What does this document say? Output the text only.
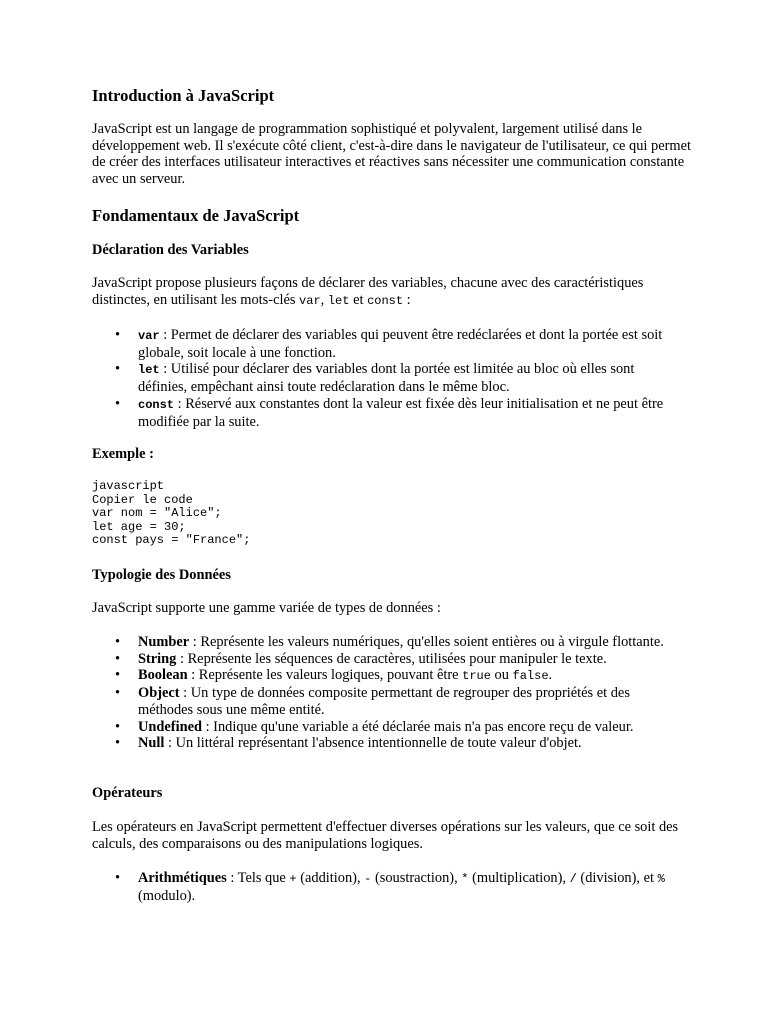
Introduction à JavaScript

JavaScript est un langage de programmation sophistiqué et polyvalent, largement utilisé dans le développement web. Il s'exécute côté client, c'est-à-dire dans le navigateur de l'utilisateur, ce qui permet de créer des interfaces utilisateur interactives et réactives sans nécessiter une communication constante avec un serveur.

Fondamentaux de JavaScript
Déclaration des Variables

JavaScript propose plusieurs façons de déclarer des variables, chacune avec des caractéristiques distinctes, en utilisant les mots-clés var, let et const :

• var : Permet de déclarer des variables qui peuvent être redéclarées et dont la portée est soit globale, soit locale à une fonction.
• let : Utilisé pour déclarer des variables dont la portée est limitée au bloc où elles sont définies, empêchant ainsi toute redéclaration dans le même bloc.
• const : Réservé aux constantes dont la valeur est fixée dès leur initialisation et ne peut être modifiée par la suite.
Exemple :
javascript
Copier le code
var nom = "Alice";
let age = 30;
const pays = "France";
Typologie des Données

JavaScript supporte une gamme variée de types de données :

• Number : Représente les valeurs numériques, qu'elles soient entières ou à virgule flottante.
• String : Représente les séquences de caractères, utilisées pour manipuler le texte.
• Boolean : Représente les valeurs logiques, pouvant être true ou false.
• Object : Un type de données composite permettant de regrouper des propriétés et des méthodes sous une même entité.
• Undefined : Indique qu'une variable a été déclarée mais n'a pas encore reçu de valeur.
• Null : Un littéral représentant l'absence intentionnelle de toute valeur d'objet.
Opérateurs

Les opérateurs en JavaScript permettent d'effectuer diverses opérations sur les valeurs, que ce soit des calculs, des comparaisons ou des manipulations logiques.

• Arithmétiques : Tels que + (addition), - (soustraction), * (multiplication), / (division), et % (modulo).
